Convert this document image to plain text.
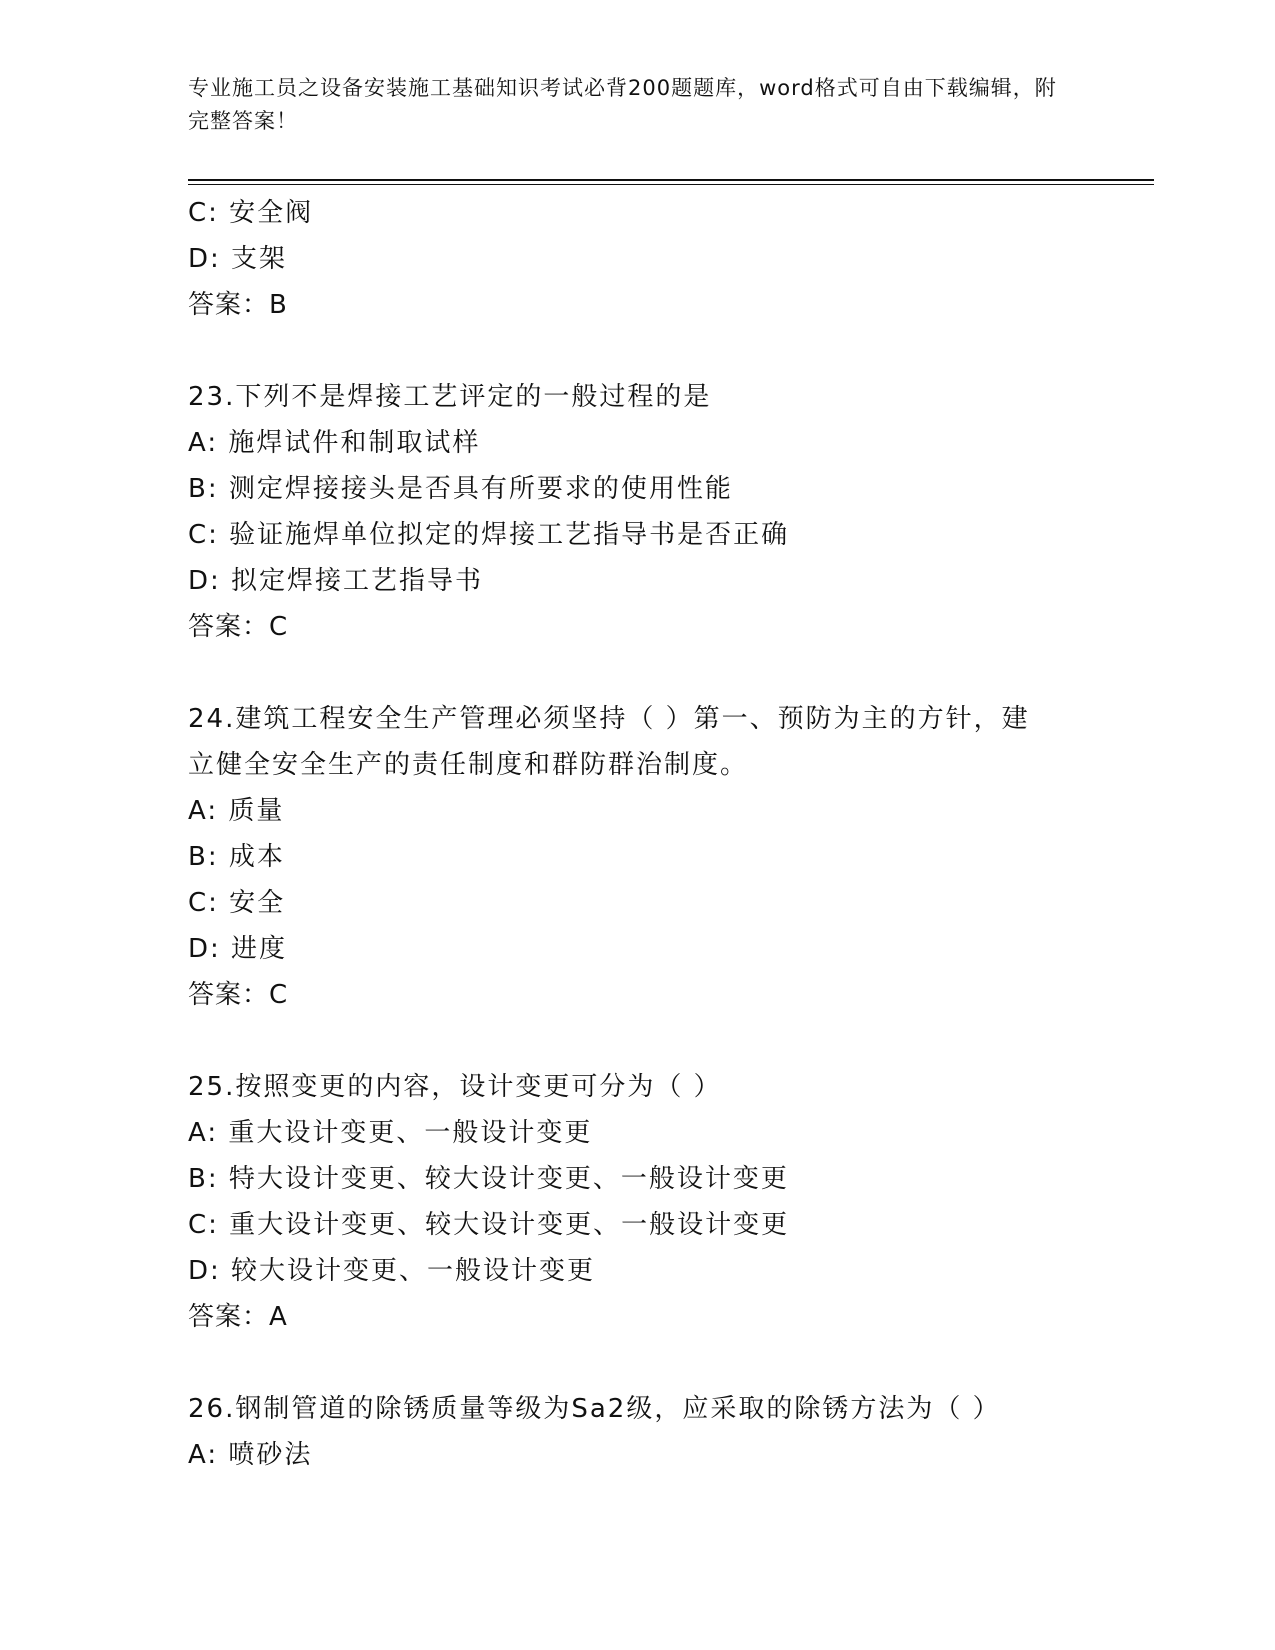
专业施工员之设备安装施工基础知识考试必背200题题库，word格式可自由下载编辑，附完整答案！
C: 安全阀
D: 支架
答案：B
23.下列不是焊接工艺评定的一般过程的是
A: 施焊试件和制取试样
B: 测定焊接接头是否具有所要求的使用性能
C: 验证施焊单位拟定的焊接工艺指导书是否正确
D: 拟定焊接工艺指导书
答案：C
24.建筑工程安全生产管理必须坚持（ ）第一、预防为主的方针，建立健全安全生产的责任制度和群防群治制度。
A: 质量
B: 成本
C: 安全
D: 进度
答案：C
25.按照变更的内容，设计变更可分为（ ）
A: 重大设计变更、一般设计变更
B: 特大设计变更、较大设计变更、一般设计变更
C: 重大设计变更、较大设计变更、一般设计变更
D: 较大设计变更、一般设计变更
答案：A
26.钢制管道的除锈质量等级为Sa2级，应采取的除锈方法为（ ）
A: 喷砂法
